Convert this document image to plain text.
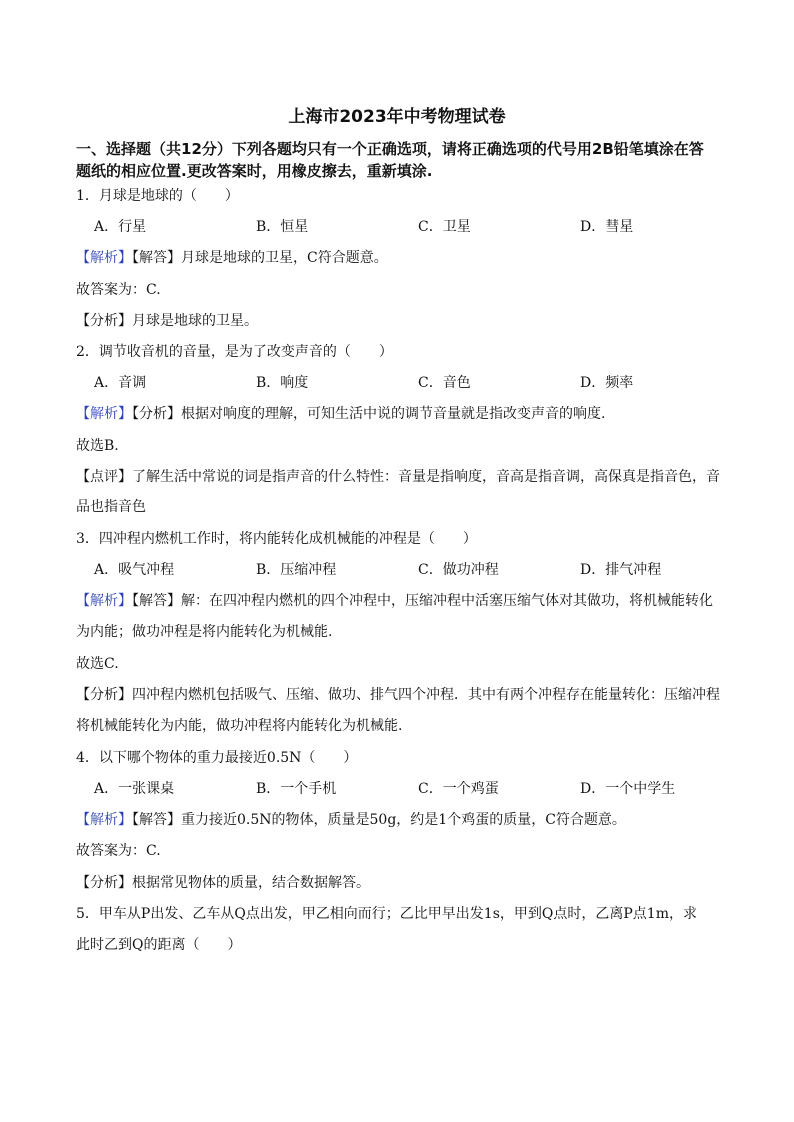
上海市2023年中考物理试卷
一、选择题（共12分）下列各题均只有一个正确选项，请将正确选项的代号用2B铅笔填涂在答
题纸的相应位置.更改答案时，用橡皮擦去，重新填涂.
1．月球是地球的（　　）
A．行星	B．恒星	C．卫星	D．彗星
【解析】【解答】月球是地球的卫星，C符合题意。
故答案为：C.
【分析】月球是地球的卫星。
2．调节收音机的音量，是为了改变声音的（　　）
A．音调	B．响度	C．音色	D．频率
【解析】【分析】根据对响度的理解，可知生活中说的调节音量就是指改变声音的响度.
故选B.
【点评】了解生活中常说的词是指声音的什么特性：音量是指响度，音高是指音调，高保真是指音色，音
品也指音色
3．四冲程内燃机工作时，将内能转化成机械能的冲程是（　　）
A．吸气冲程	B．压缩冲程	C．做功冲程	D．排气冲程
【解析】【解答】解：在四冲程内燃机的四个冲程中，压缩冲程中活塞压缩气体对其做功，将机械能转化
为内能；做功冲程是将内能转化为机械能.
故选C.
【分析】四冲程内燃机包括吸气、压缩、做功、排气四个冲程．其中有两个冲程存在能量转化：压缩冲程
将机械能转化为内能，做功冲程将内能转化为机械能.
4．以下哪个物体的重力最接近0.5N（　　）
A．一张课桌	B．一个手机	C．一个鸡蛋	D．一个中学生
【解析】【解答】重力接近0.5N的物体，质量是50g，约是1个鸡蛋的质量，C符合题意。
故答案为：C.
【分析】根据常见物体的质量，结合数据解答。
5．甲车从P出发、乙车从Q点出发，甲乙相向而行；乙比甲早出发1s，甲到Q点时，乙离P点1m，求
此时乙到Q的距离（　　）
